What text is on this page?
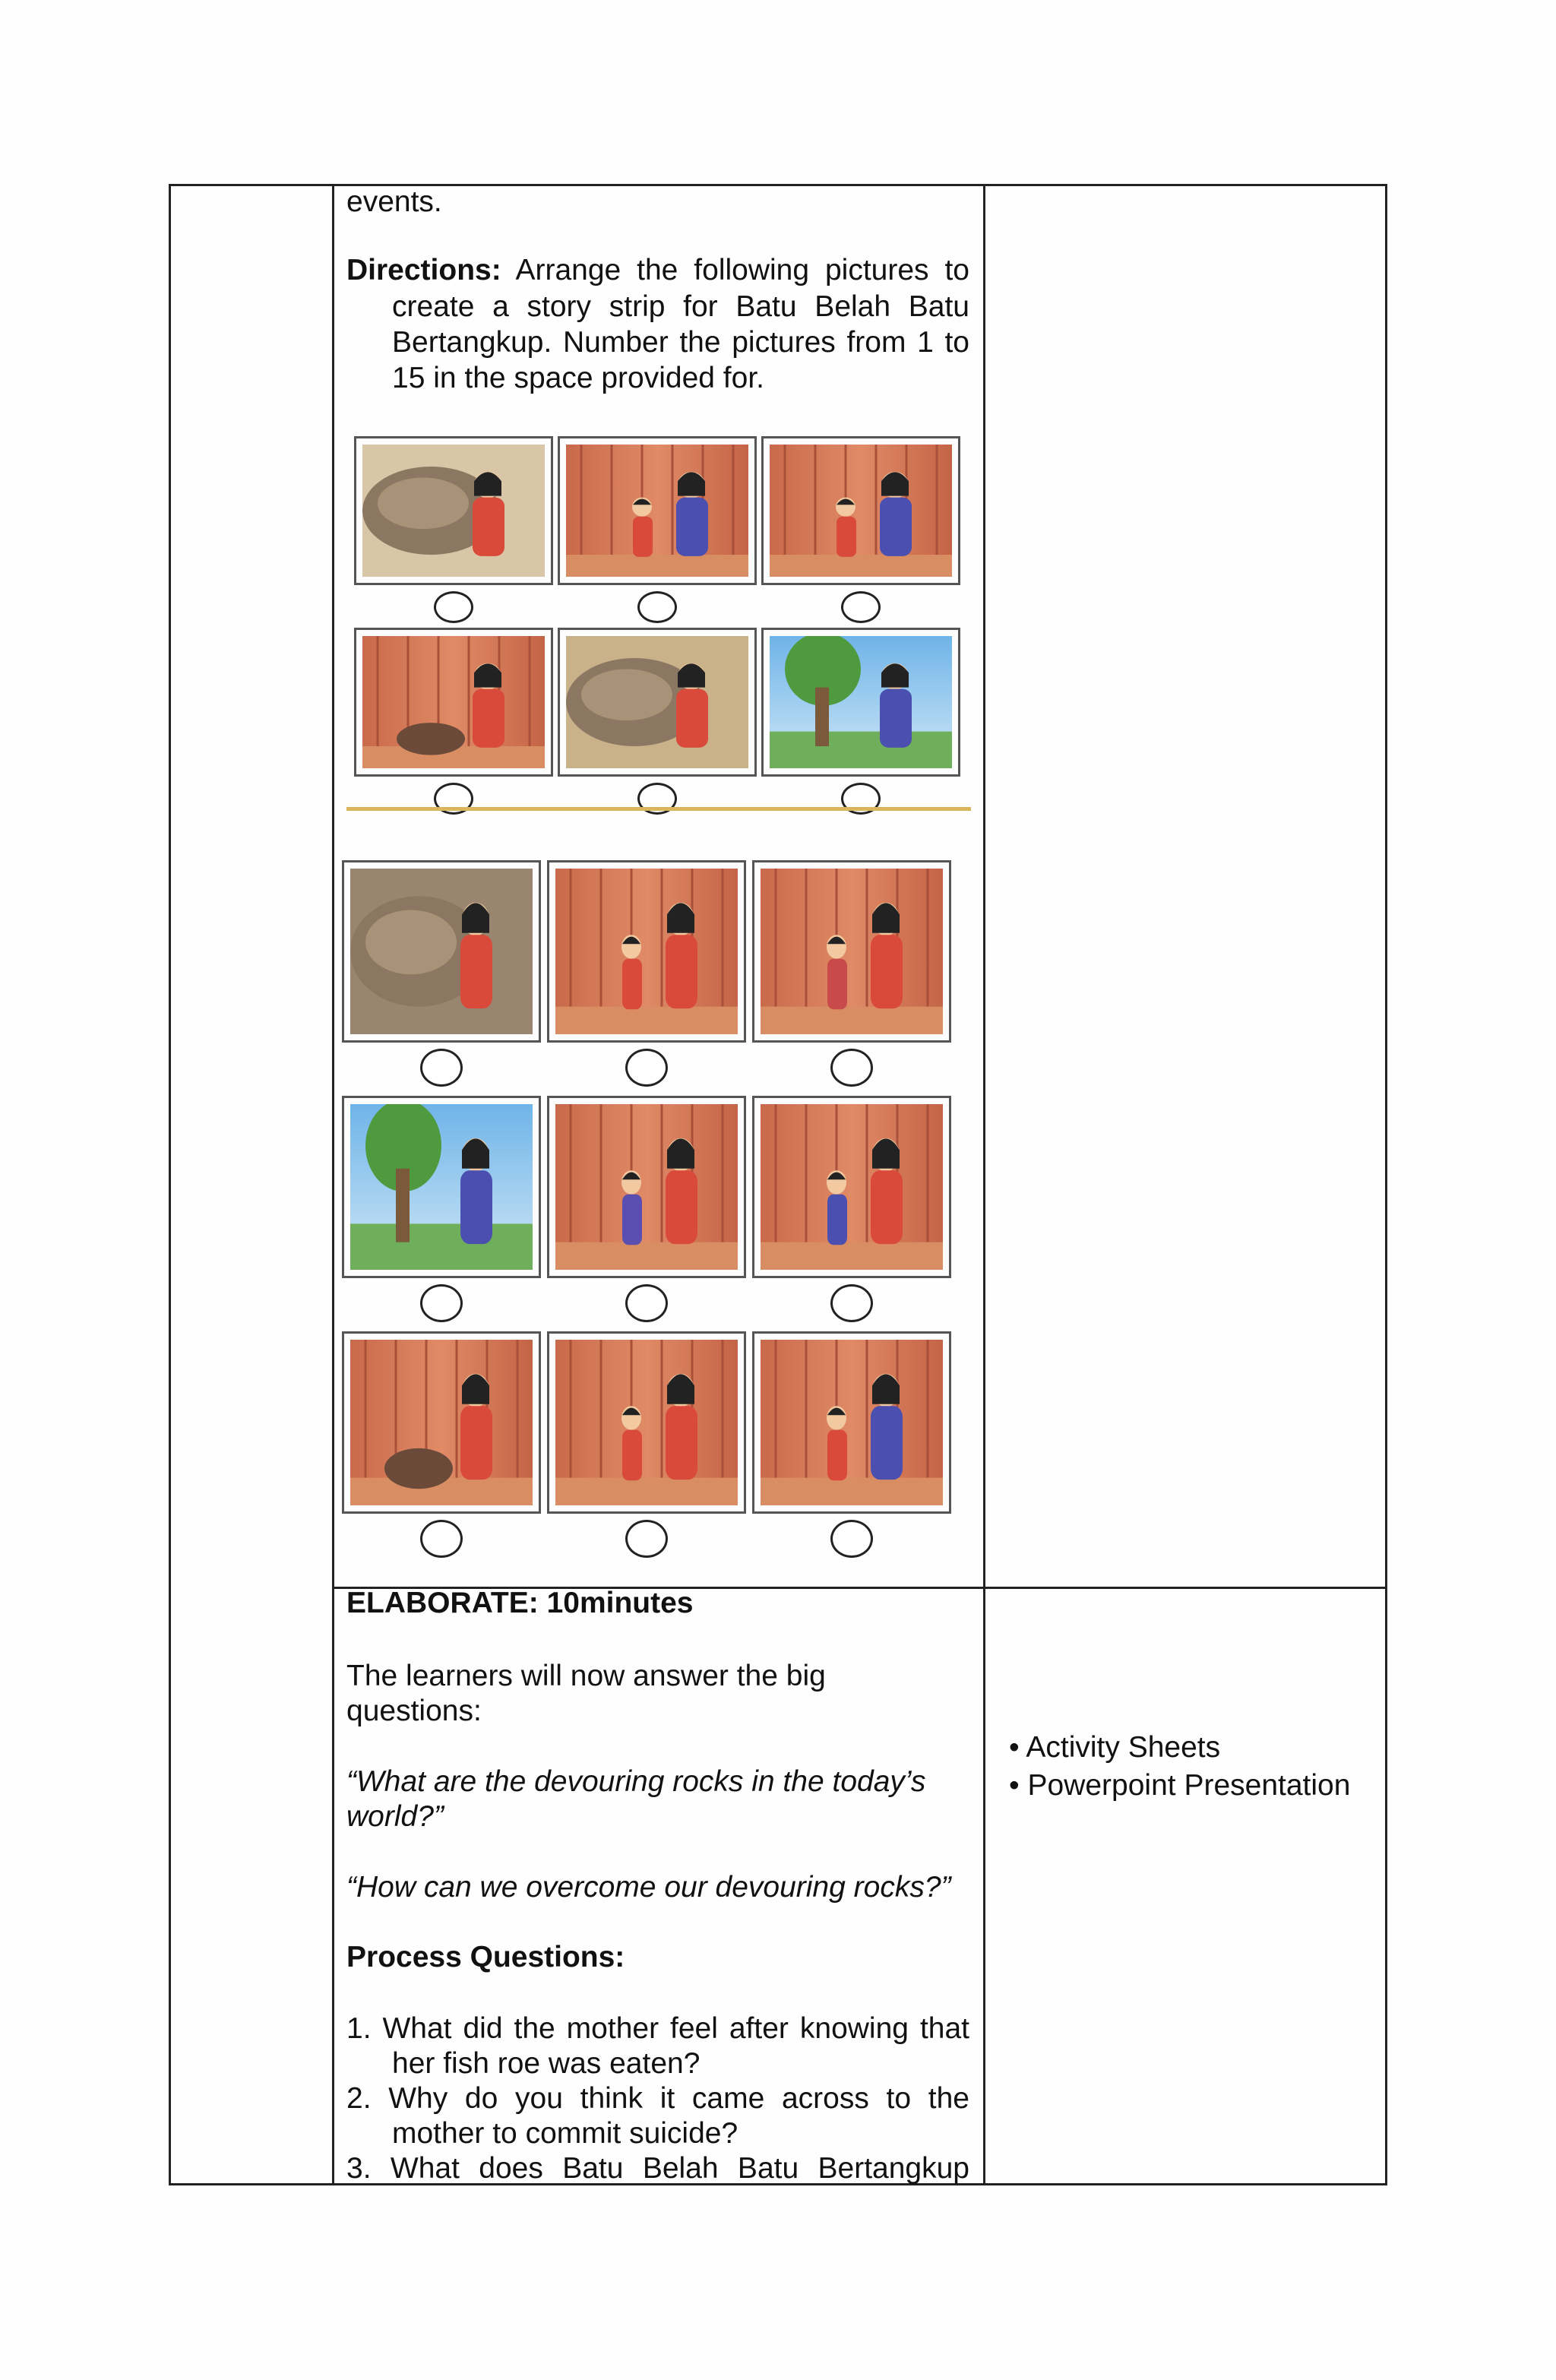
events.
Directions: Arrange the following pictures to
create a story strip for Batu Belah Batu
Bertangkup. Number the pictures from 1 to
15 in the space provided for.
ELABORATE: 10minutes
The learners will now answer the big
questions:
“What are the devouring rocks in the today’s
world?”
“How can we overcome our devouring rocks?”
Process Questions:
1. What did the mother feel after knowing that
her fish roe was eaten?
2. Why do you think it came across to the
mother to commit suicide?
3. What does Batu Belah Batu Bertangkup
• Activity Sheets
• Powerpoint Presentation
